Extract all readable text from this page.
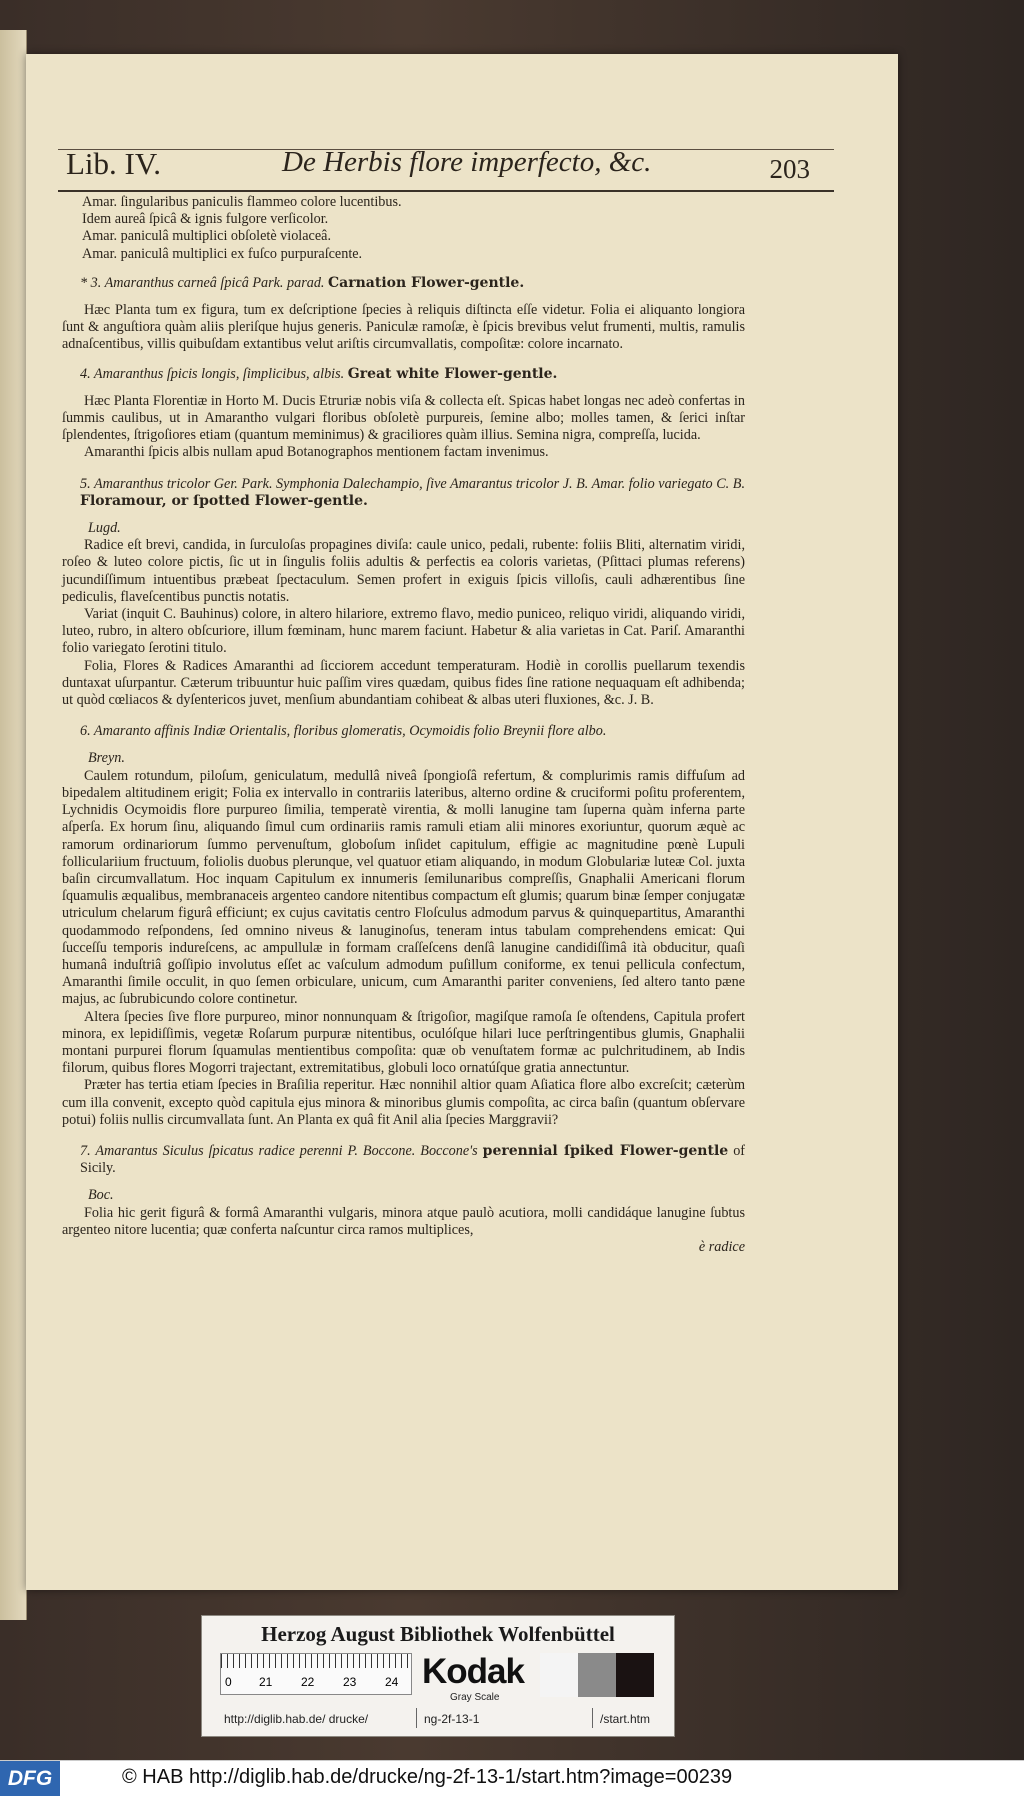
Lib. IV.	De Herbis flore imperfecto, &c.	203

Amar. ſingularibus paniculis flammeo colore lucentibus.

Idem aureâ ſpicâ & ignis fulgore verſicolor.

Amar. paniculâ multiplici obſoletè violaceâ.

Amar. paniculâ multiplici ex fuſco purpuraſcente.

* 3. Amaranthus carneâ ſpicâ Park. parad. Carnation Flower-gentle.

Hæc Planta tum ex figura, tum ex deſcriptione ſpecies à reliquis diſtincta eſſe videtur. Folia ei aliquanto longiora ſunt & anguſtiora quàm aliis pleriſque hujus generis. Paniculæ ramoſæ, è ſpicis brevibus velut frumenti, multis, ramulis adnaſcentibus, villis quibuſdam extantibus velut ariſtis circumvallatis, compoſitæ: colore incarnato.

4. Amaranthus ſpicis longis, ſimplicibus, albis. Great white Flower-gentle.

Hæc Planta Florentiæ in Horto M. Ducis Etruriæ nobis viſa & collecta eſt. Spicas habet longas nec adeò confertas in ſummis caulibus, ut in Amarantho vulgari floribus obſoletè purpureis, ſemine albo; molles tamen, & ſerici inſtar ſplendentes, ſtrigoſiores etiam (quantum meminimus) & graciliores quàm illius. Semina nigra, compreſſa, lucida.

Amaranthi ſpicis albis nullam apud Botanographos mentionem factam invenimus.

5. Amaranthus tricolor Ger. Park. Symphonia Dalechampio, ſive Amarantus tricolor J. B. Amar. folio variegato C. B. Floramour, or ſpotted Flower-gentle.

Lugd.

Radice eſt brevi, candida, in ſurculoſas propagines diviſa: caule unico, pedali, rubente: foliis Bliti, alternatim viridi, roſeo & luteo colore pictis, ſic ut in ſingulis foliis adultis & perfectis ea coloris varietas, (Pſittaci plumas referens) jucundiſſimum intuentibus præbeat ſpectaculum. Semen profert in exiguis ſpicis villoſis, cauli adhærentibus ſine pediculis, flaveſcentibus punctis notatis.

Variat (inquit C. Bauhinus) colore, in altero hilariore, extremo flavo, medio puniceo, reliquo viridi, aliquando viridi, luteo, rubro, in altero obſcuriore, illum fœminam, hunc marem faciunt. Habetur & alia varietas in Cat. Pariſ. Amaranthi folio variegato ſerotini titulo.

Folia, Flores & Radices Amaranthi ad ſicciorem accedunt temperaturam. Hodiè in corollis puellarum texendis duntaxat uſurpantur. Cæterum tribuuntur huic paſſim vires quædam, quibus fides ſine ratione nequaquam eſt adhibenda; ut quòd cœliacos & dyſentericos juvet, menſium abundantiam cohibeat & albas uteri fluxiones, &c. J. B.

6. Amaranto affinis Indiæ Orientalis, floribus glomeratis, Ocymoidis folio Breynii flore albo.

Breyn.

Caulem rotundum, piloſum, geniculatum, medullâ niveâ ſpongioſâ refertum, & complurimis ramis diffuſum ad bipedalem altitudinem erigit; Folia ex intervallo in contrariis lateribus, alterno ordine & cruciformi poſitu proferentem, Lychnidis Ocymoidis flore purpureo ſimilia, temperatè virentia, & molli lanugine tam ſuperna quàm inferna parte aſperſa. Ex horum ſinu, aliquando ſimul cum ordinariis ramis ramuli etiam alii minores exoriuntur, quorum æquè ac ramorum ordinariorum ſummo pervenuſtum, globoſum inſidet capitulum, effigie ac magnitudine pœnè Lupuli folliculariium fructuum, foliolis duobus plerunque, vel quatuor etiam aliquando, in modum Globulariæ luteæ Col. juxta baſin circumvallatum. Hoc inquam Capitulum ex innumeris ſemilunaribus compreſſis, Gnaphalii Americani florum ſquamulis æqualibus, membranaceis argenteo candore nitentibus compactum eſt glumis; quarum binæ ſemper conjugatæ utriculum chelarum figurâ efficiunt; ex cujus cavitatis centro Floſculus admodum parvus & quinquepartitus, Amaranthi quodammodo reſpondens, ſed omnino niveus & lanuginoſus, teneram intus tabulam comprehendens emicat: Qui ſucceſſu temporis indureſcens, ac ampullulæ in formam craſſeſcens denſâ lanugine candidiſſimâ ità obducitur, quaſi humanâ induſtriâ goſſipio involutus eſſet ac vaſculum admodum puſillum coniforme, ex tenui pellicula confectum, Amaranthi ſimile occulit, in quo ſemen orbiculare, unicum, cum Amaranthi pariter conveniens, ſed altero tanto pæne majus, ac ſubrubicundo colore continetur.

Altera ſpecies ſive flore purpureo, minor nonnunquam & ſtrigoſior, magiſque ramoſa ſe oſtendens, Capitula profert minora, ex lepidiſſimis, vegetæ Roſarum purpuræ nitentibus, oculóſque hilari luce perſtringentibus glumis, Gnaphalii montani purpurei florum ſquamulas mentientibus compoſita: quæ ob venuſtatem formæ ac pulchritudinem, ab Indis filorum, quibus flores Mogorri trajectant, extremitatibus, globuli loco ornatúſque gratia annectuntur.

Præter has tertia etiam ſpecies in Braſilia reperitur. Hæc nonnihil altior quam Aſiatica flore albo excreſcit; cæterùm cum illa convenit, excepto quòd capitula ejus minora & minoribus glumis compoſita, ac circa baſin (quantum obſervare potui) foliis nullis circumvallata ſunt. An Planta ex quâ fit Anil alia ſpecies Marggravii?

7. Amarantus Siculus ſpicatus radice perenni P. Boccone. Boccone's perennial ſpiked Flower-gentle of Sicily.

Boc.

Folia hic gerit figurâ & formâ Amaranthi vulgaris, minora atque paulò acutiora, molli candidáque lanugine ſubtus argenteo nitore lucentia; quæ conferta naſcuntur circa ramos multiplices,

è radice

Herzog August Bibliothek Wolfenbüttel
0 21 22 23 24 Kodak
Gray Scale
http://diglib.hab.de/ drucke/	ng-2f-13-1	/start.htm
DFG	© HAB http://diglib.hab.de/drucke/ng-2f-13-1/start.htm?image=00239
